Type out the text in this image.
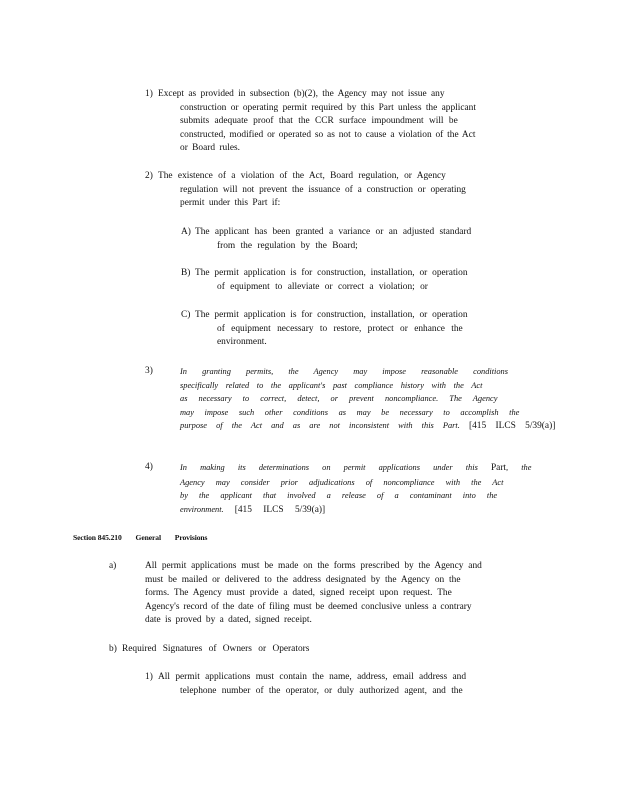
1) Except as provided in subsection (b)(2), the Agency may not issue any
construction or operating permit required by this Part unless the applicant
submits adequate proof that the CCR surface impoundment will be
constructed, modified or operated so as not to cause a violation of the Act
or Board rules.
2) The existence of a violation of the Act, Board regulation, or Agency
regulation will not prevent the issuance of a construction or operating
permit under this Part if:
A) The applicant has been granted a variance or an adjusted standard
from the regulation by the Board;
B) The permit application is for construction, installation, or operation
of equipment to alleviate or correct a violation; or
C) The permit application is for construction, installation, or operation
of equipment necessary to restore, protect or enhance the
environment.
3)	In granting permits, the Agency may impose reasonable conditions
specifically related to the applicant's past compliance history with the Act
as necessary to correct, detect, or prevent noncompliance. The Agency
may impose such other conditions as may be necessary to accomplish the
purpose of the Act and as are not inconsistent with this Part. [415 ILCS 5/39(a)]
4)	In making its determinations on permit applications under this Part, the
Agency may consider prior adjudications of noncompliance with the Act
by the applicant that involved a release of a contaminant into the
environment. [415 ILCS 5/39(a)]
Section 845.210 General Provisions
a)	All permit applications must be made on the forms prescribed by the Agency and
must be mailed or delivered to the address designated by the Agency on the
forms. The Agency must provide a dated, signed receipt upon request. The
Agency's record of the date of filing must be deemed conclusive unless a contrary
date is proved by a dated, signed receipt.
b) Required Signatures of Owners or Operators
1) All permit applications must contain the name, address, email address and
telephone number of the operator, or duly authorized agent, and the
